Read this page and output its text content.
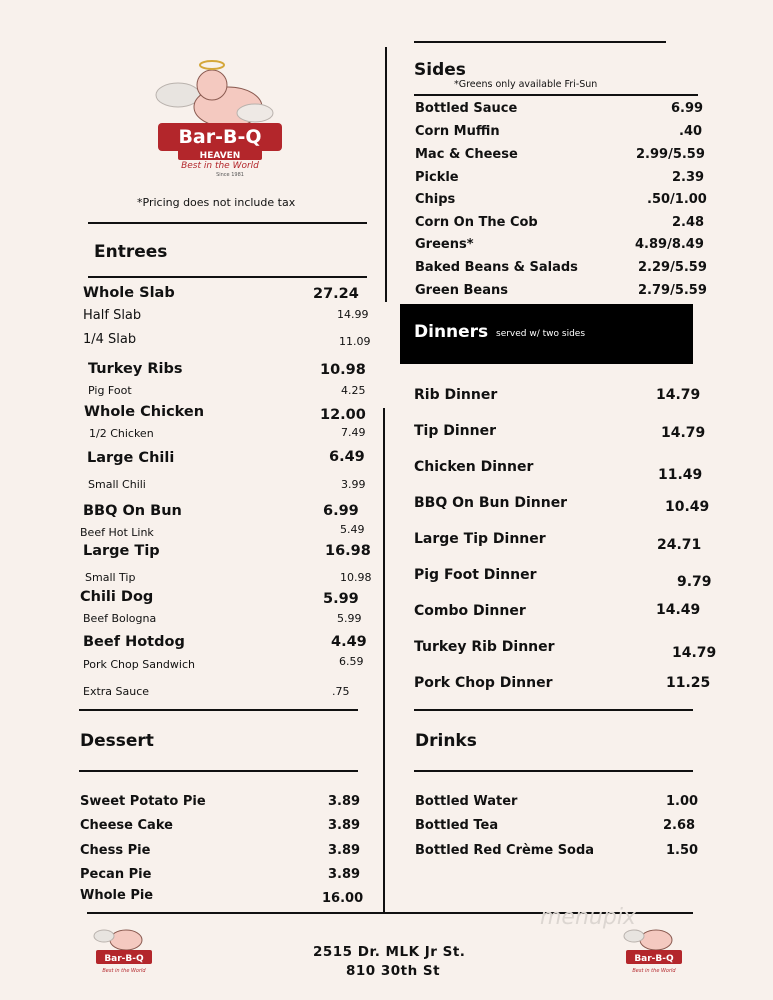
Bar-B-Q
HEAVEN
Best in the World
Since 1981
*Pricing does not include tax
Entrees
Whole Slab	27.24
Half Slab	14.99
1/4 Slab	11.09
Turkey Ribs	10.98
Pig Foot	4.25
Whole Chicken	12.00
1/2 Chicken	7.49
Large Chili	6.49
Small Chili	3.99
BBQ On Bun	6.99
Beef Hot Link	5.49
Large Tip	16.98
Small Tip	10.98
Chili Dog	5.99
Beef Bologna	5.99
Beef Hotdog	4.49
Pork Chop Sandwich	6.59
Extra Sauce	.75
Dessert
Sweet Potato Pie	3.89
Cheese Cake	3.89
Chess Pie	3.89
Pecan Pie	3.89
Whole Pie	16.00
Sides
*Greens only available Fri-Sun
Bottled Sauce	6.99
Corn Muffin	.40
Mac & Cheese	2.99/5.59
Pickle	2.39
Chips	.50/1.00
Corn On The Cob	2.48
Greens*	4.89/8.49
Baked Beans & Salads	2.29/5.59
Green Beans	2.79/5.59
Dinners served w/ two sides
Rib Dinner	14.79
Tip Dinner	14.79
Chicken Dinner	11.49
BBQ On Bun Dinner	10.49
Large Tip Dinner	24.71
Pig Foot Dinner	9.79
Combo Dinner	14.49
Turkey Rib Dinner	14.79
Pork Chop Dinner	11.25
Drinks
Bottled Water	1.00
Bottled Tea	2.68
Bottled Red Crème Soda	1.50
Bar-B-Q
Best in the World
Bar-B-Q
Best in the World
2515 Dr. MLK Jr St.
810 30th St
menupix
